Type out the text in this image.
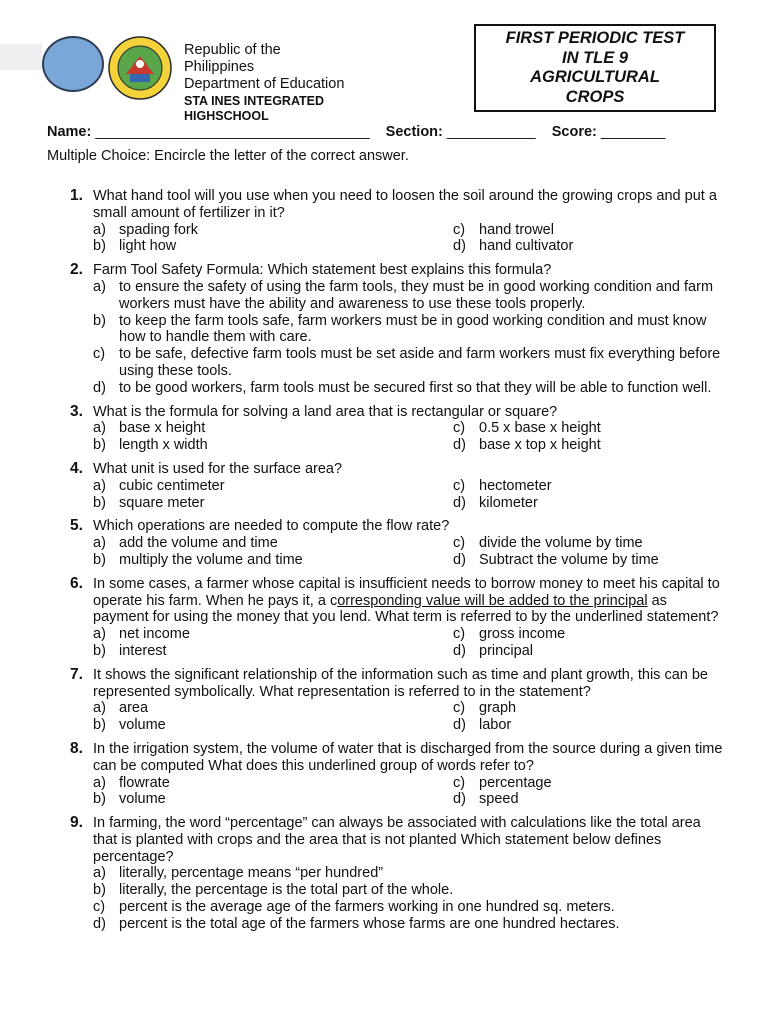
Republic of the
Philippines
Department of Education
STA INES INTEGRATED
HIGHSCHOOL
FIRST PERIODIC TEST
IN TLE 9
AGRICULTURAL
CROPS
Name: __________________________________ Section: ___________ Score: ________
Multiple Choice: Encircle the letter of the correct answer.
1. What hand tool will you use when you need to loosen the soil around the growing crops and put a small amount of fertilizer in it?
a) spading fork	c) hand trowel
b) light how	d) hand cultivator
2. Farm Tool Safety Formula: Which statement best explains this formula?
a) to ensure the safety of using the farm tools, they must be in good working condition and farm workers must have the ability and awareness to use these tools properly.
b) to keep the farm tools safe, farm workers must be in good working condition and must know how to handle them with care.
c) to be safe, defective farm tools must be set aside and farm workers must fix everything before using these tools.
d) to be good workers, farm tools must be secured first so that they will be able to function well.
3. What is the formula for solving a land area that is rectangular or square?
a) base x height	c) 0.5 x base x height
b) length x width	d) base x top x height
4. What unit is used for the surface area?
a) cubic centimeter	c) hectometer
b) square meter	d) kilometer
5. Which operations are needed to compute the flow rate?
a) add the volume and time	c) divide the volume by time
b) multiply the volume and time	d) Subtract the volume by time
6. In some cases, a farmer whose capital is insufficient needs to borrow money to meet his capital to operate his farm. When he pays it, a corresponding value will be added to the principal as payment for using the money that you lend. What term is referred to by the underlined statement?
a) net income	c) gross income
b) interest	d) principal
7. It shows the significant relationship of the information such as time and plant growth, this can be represented symbolically. What representation is referred to in the statement?
a) area	c) graph
b) volume	d) labor
8. In the irrigation system, the volume of water that is discharged from the source during a given time can be computed What does this underlined group of words refer to?
a) flowrate	c) percentage
b) volume	d) speed
9. In farming, the word “percentage” can always be associated with calculations like the total area that is planted with crops and the area that is not planted Which statement below defines percentage?
a) literally, percentage means “per hundred”
b) literally, the percentage is the total part of the whole.
c) percent is the average age of the farmers working in one hundred sq. meters.
d) percent is the total age of the farmers whose farms are one hundred hectares.
